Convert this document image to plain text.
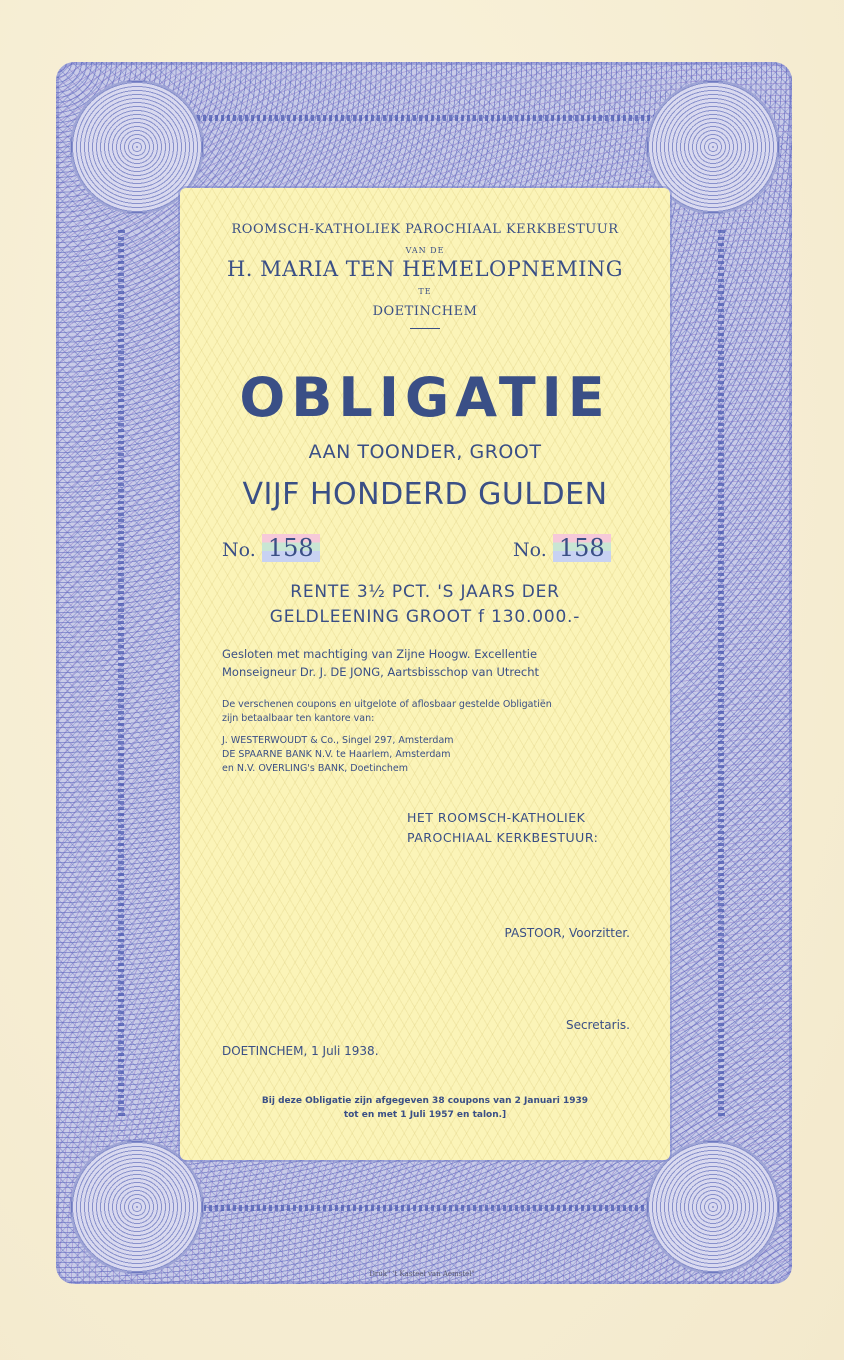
ROOMSCH-KATHOLIEK PAROCHIAAL KERKBESTUUR

VAN DE

H. MARIA TEN HEMELOPNEMING

TE

DOETINCHEM

OBLIGATIE

AAN TOONDER, GROOT

VIJF HONDERD GULDEN

No. 158	No. 158

RENTE 3½ PCT. 'S JAARS DER

GELDLEENING GROOT f 130.000.-

Gesloten met machtiging van Zijne Hoogw. Excellentie

Monseigneur Dr. J. DE JONG, Aartsbisschop van Utrecht

De verschenen coupons en uitgelote of aflosbaar gestelde Obligatiën

zijn betaalbaar ten kantore van:

J. WESTERWOUDT & Co., Singel 297, Amsterdam

DE SPAARNE BANK N.V. te Haarlem, Amsterdam

en N.V. OVERLING's BANK, Doetinchem

HET ROOMSCH-KATHOLIEK

PAROCHIAAL KERKBESTUUR:

PASTOOR, Voorzitter.

Secretaris.

DOETINCHEM, 1 Juli 1938.

Bij deze Obligatie zijn afgegeven 38 coupons van 2 Januari 1939

tot en met 1 Juli 1957 en talon.]

Druk" 't Kasteel van Aemstel"
